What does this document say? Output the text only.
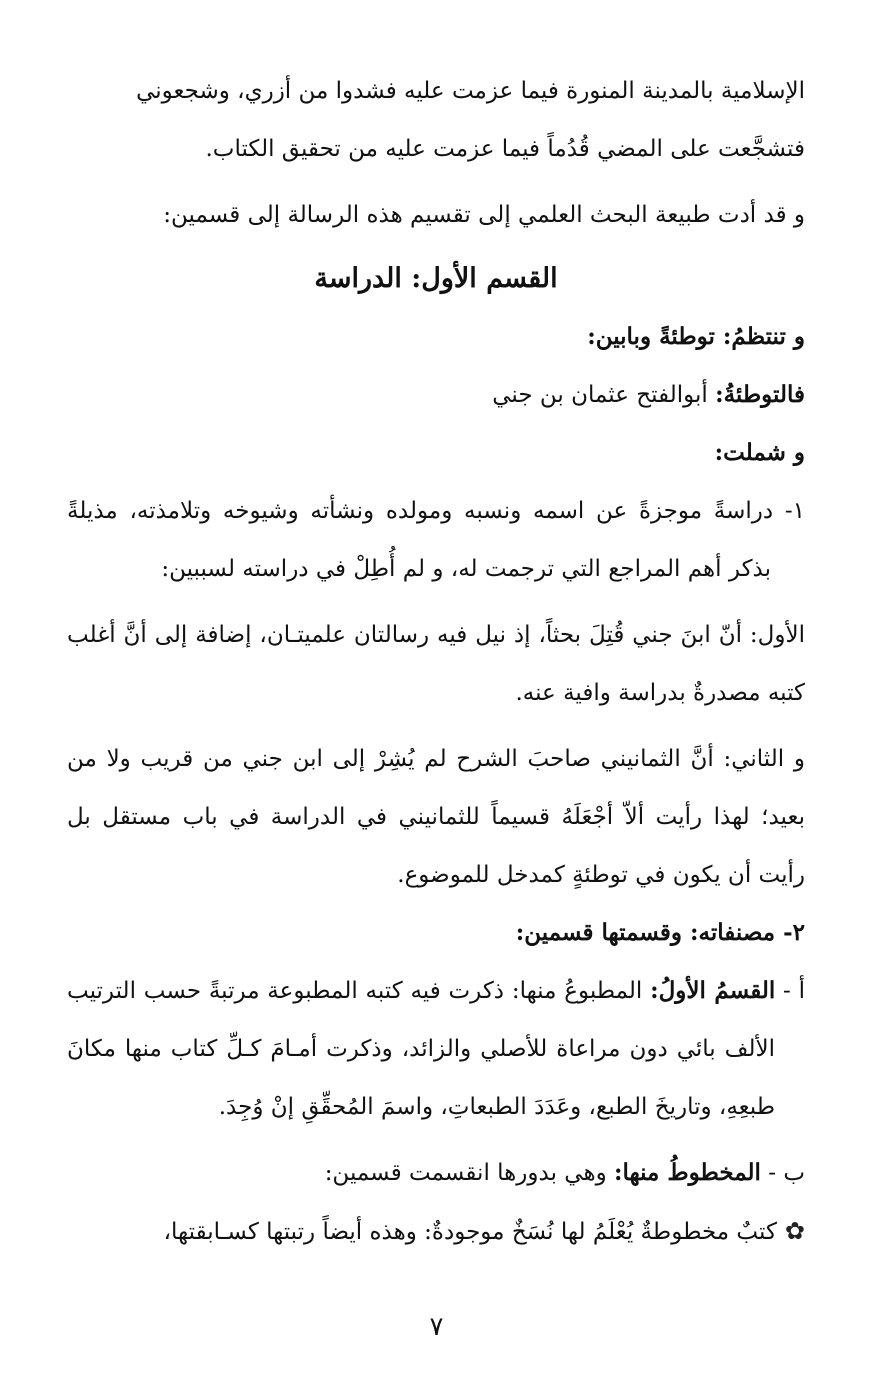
الإسلامية بالمدينة المنورة فيما عزمت عليه فشدوا من أزري، وشجعوني

فتشجَّعت على المضي قُدُماً فيما عزمت عليه من تحقيق الكتاب.

و قد أدت طبيعة البحث العلمي إلى تقسيم هذه الرسالة إلى قسمين:

القسم الأول: الدراسة

و تنتظمُ: توطئةً وبابين:

فالتوطئةُ: أبوالفتح عثمان بن جني

و شملت:

١- دراسةً موجزةً عن اسمه ونسبه ومولده ونشأته وشيوخه وتلامذته، مذيلةً بذكر أهم المراجع التي ترجمت له، و لم أُطِلْ في دراسته لسببين:

الأول: أنّ ابنَ جني قُتِلَ بحثاً، إذ نيل فيه رسالتان علميتـان، إضافة إلى أنَّ أغلب كتبه مصدرةٌ بدراسة وافية عنه.

و الثاني: أنَّ الثمانيني صاحبَ الشرح لم يُشِرْ إلى ابن جني من قريب ولا من بعيد؛ لهذا رأيت ألاّ أجْعَلَهُ قسيماً للثمانيني في الدراسة في باب مستقل بل رأيت أن يكون في توطئةٍ كمدخل للموضوع.

٢- مصنفاته: وقسمتها قسمين:

أ - القسمُ الأولُ: المطبوعُ منها: ذكرت فيه كتبه المطبوعة مرتبةً حسب الترتيب الألف بائي دون مراعاة للأصلي والزائد، وذكرت أمـامَ كـلِّ كتاب منها مكانَ طبعِهِ، وتاريخَ الطبع، وعَدَدَ الطبعاتِ، واسمَ المُحقِّقِ إنْ وُجِدَ.

ب - المخطوطُ منها: وهي بدورها انقسمت قسمين:

✿كتبٌ مخطوطةٌ يُعْلَمُ لها نُسَخٌ موجودةٌ: وهذه أيضاً رتبتها كسـابقتها،

٧
